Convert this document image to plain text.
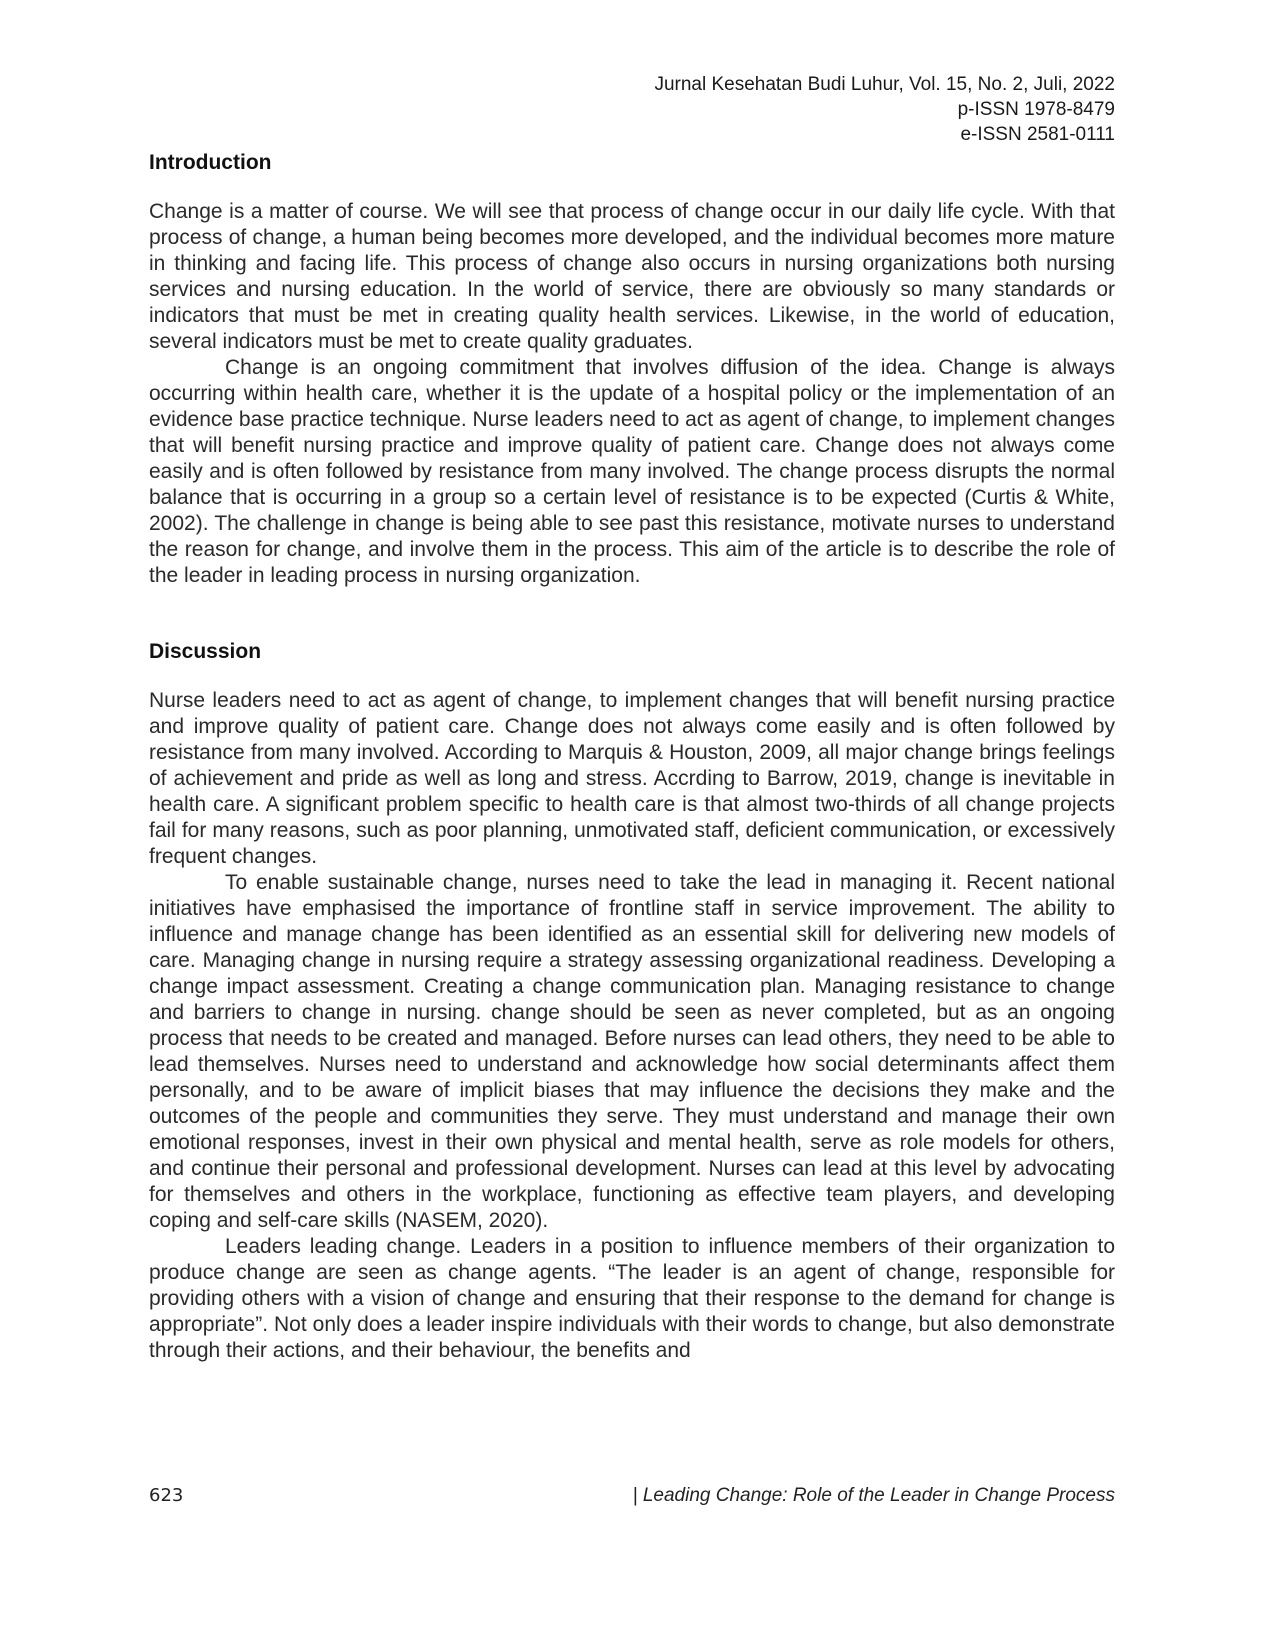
Jurnal Kesehatan Budi Luhur, Vol. 15, No. 2, Juli, 2022
p-ISSN 1978-8479
e-ISSN 2581-0111
Introduction

Change is a matter of course. We will see that process of change occur in our daily life cycle. With that process of change, a human being becomes more developed, and the individual becomes more mature in thinking and facing life. This process of change also occurs in nursing organizations both nursing services and nursing education. In the world of service, there are obviously so many standards or indicators that must be met in creating quality health services. Likewise, in the world of education, several indicators must be met to create quality graduates.

Change is an ongoing commitment that involves diffusion of the idea. Change is always occurring within health care, whether it is the update of a hospital policy or the implementation of an evidence base practice technique. Nurse leaders need to act as agent of change, to implement changes that will benefit nursing practice and improve quality of patient care. Change does not always come easily and is often followed by resistance from many involved. The change process disrupts the normal balance that is occurring in a group so a certain level of resistance is to be expected (Curtis & White, 2002). The challenge in change is being able to see past this resistance, motivate nurses to understand the reason for change, and involve them in the process. This aim of the article is to describe the role of the leader in leading process in nursing organization.

Discussion

Nurse leaders need to act as agent of change, to implement changes that will benefit nursing practice and improve quality of patient care. Change does not always come easily and is often followed by resistance from many involved. According to Marquis & Houston, 2009, all major change brings feelings of achievement and pride as well as long and stress. Accrding to Barrow, 2019, change is inevitable in health care. A significant problem specific to health care is that almost two-thirds of all change projects fail for many reasons, such as poor planning, unmotivated staff, deficient communication, or excessively frequent changes.

To enable sustainable change, nurses need to take the lead in managing it. Recent national initiatives have emphasised the importance of frontline staff in service improvement. The ability to influence and manage change has been identified as an essential skill for delivering new models of care. Managing change in nursing require a strategy assessing organizational readiness. Developing a change impact assessment. Creating a change communication plan. Managing resistance to change and barriers to change in nursing. change should be seen as never completed, but as an ongoing process that needs to be created and managed. Before nurses can lead others, they need to be able to lead themselves. Nurses need to understand and acknowledge how social determinants affect them personally, and to be aware of implicit biases that may influence the decisions they make and the outcomes of the people and communities they serve. They must understand and manage their own emotional responses, invest in their own physical and mental health, serve as role models for others, and continue their personal and professional development. Nurses can lead at this level by advocating for themselves and others in the workplace, functioning as effective team players, and developing coping and self-care skills (NASEM, 2020).

Leaders leading change. Leaders in a position to influence members of their organization to produce change are seen as change agents. “The leader is an agent of change, responsible for providing others with a vision of change and ensuring that their response to the demand for change is appropriate”. Not only does a leader inspire individuals with their words to change, but also demonstrate through their actions, and their behaviour, the benefits and

623	| Leading Change: Role of the Leader in Change Process
